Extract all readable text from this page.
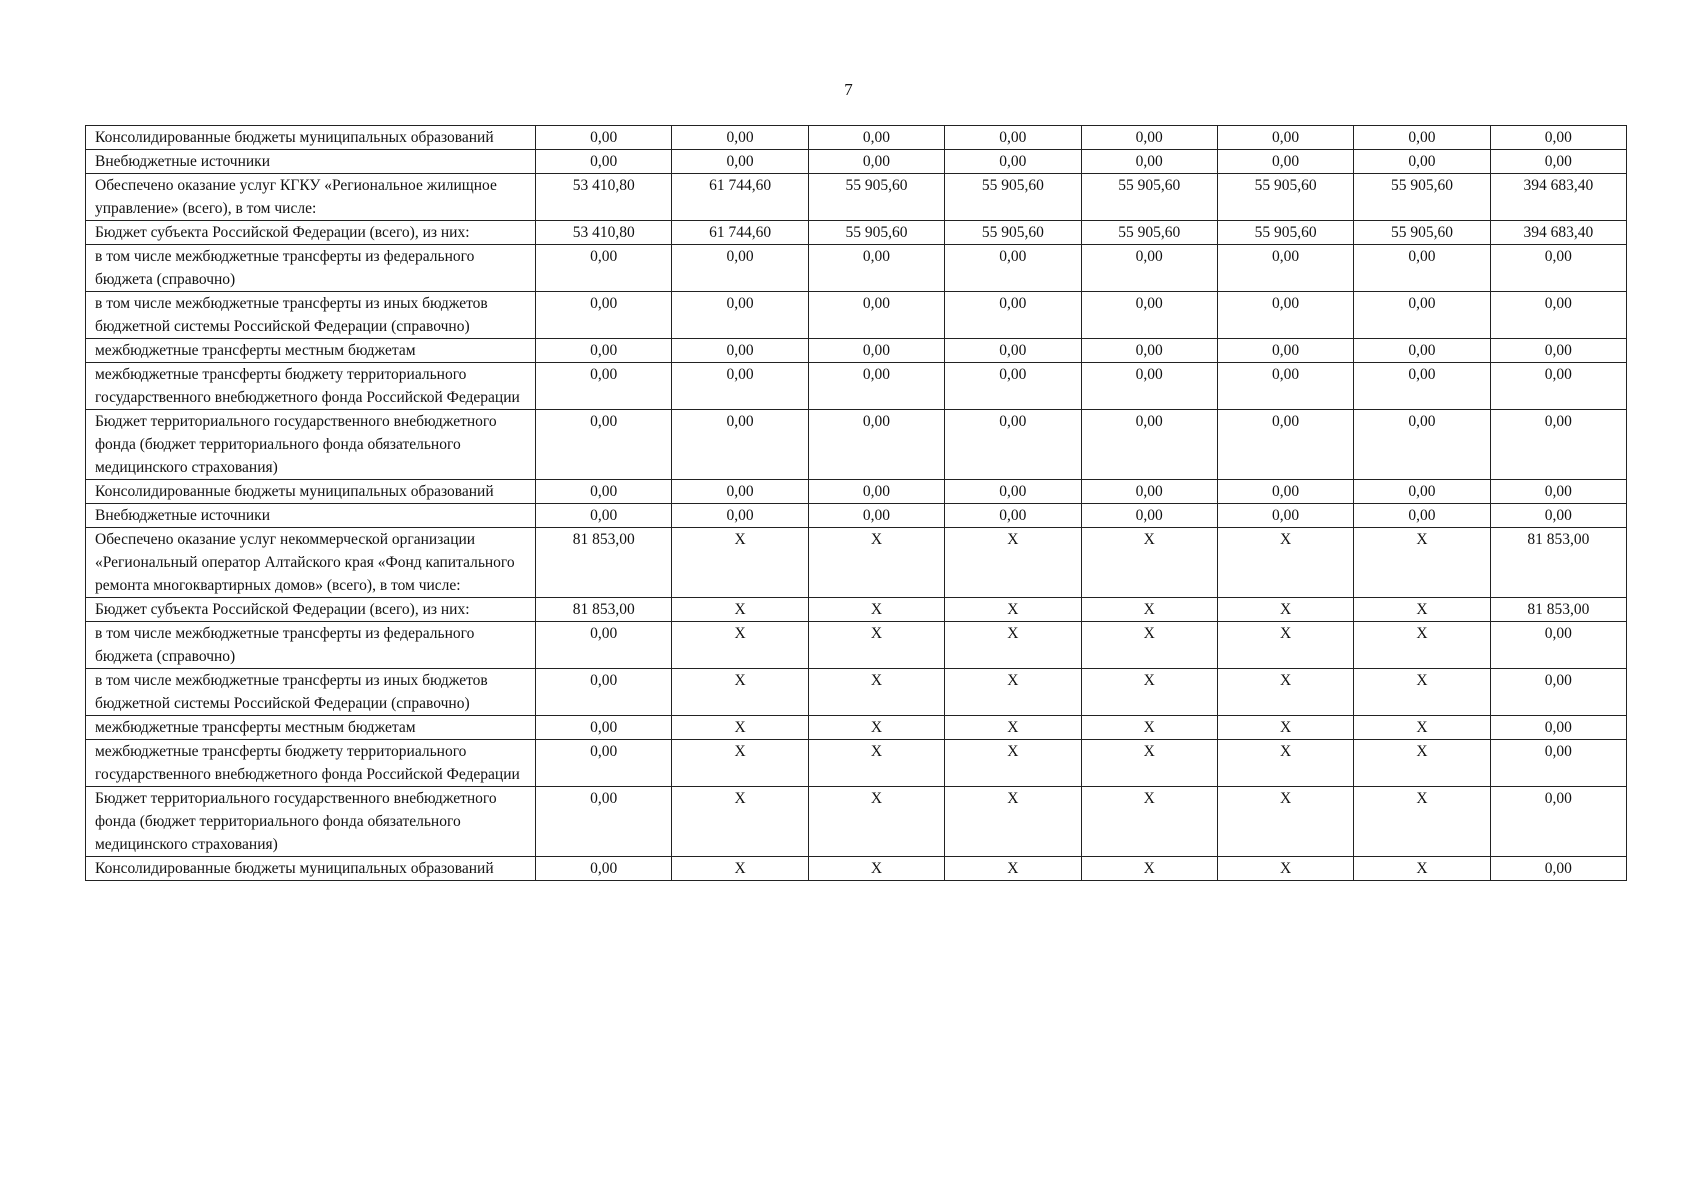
7
Консолидированные бюджеты муниципальных образований	0,00	0,00	0,00	0,00	0,00	0,00	0,00	0,00
Внебюджетные источники	0,00	0,00	0,00	0,00	0,00	0,00	0,00	0,00
Обеспечено оказание услуг КГКУ «Региональное жилищное управление» (всего), в том числе:	53 410,80	61 744,60	55 905,60	55 905,60	55 905,60	55 905,60	55 905,60	394 683,40
Бюджет субъекта Российской Федерации (всего), из них:	53 410,80	61 744,60	55 905,60	55 905,60	55 905,60	55 905,60	55 905,60	394 683,40
в том числе межбюджетные трансферты из федерального бюджета (справочно)	0,00	0,00	0,00	0,00	0,00	0,00	0,00	0,00
в том числе межбюджетные трансферты из иных бюджетов бюджетной системы Российской Федерации (справочно)	0,00	0,00	0,00	0,00	0,00	0,00	0,00	0,00
межбюджетные трансферты местным бюджетам	0,00	0,00	0,00	0,00	0,00	0,00	0,00	0,00
межбюджетные трансферты бюджету территориального государственного внебюджетного фонда Российской Федерации	0,00	0,00	0,00	0,00	0,00	0,00	0,00	0,00
Бюджет территориального государственного внебюджетного фонда (бюджет территориального фонда обязательного медицинского страхования)	0,00	0,00	0,00	0,00	0,00	0,00	0,00	0,00
Консолидированные бюджеты муниципальных образований	0,00	0,00	0,00	0,00	0,00	0,00	0,00	0,00
Внебюджетные источники	0,00	0,00	0,00	0,00	0,00	0,00	0,00	0,00
Обеспечено оказание услуг некоммерческой организации «Региональный оператор Алтайского края «Фонд капитального ремонта многоквартирных домов» (всего), в том числе:	81 853,00	X	X	X	X	X	X	81 853,00
Бюджет субъекта Российской Федерации (всего), из них:	81 853,00	X	X	X	X	X	X	81 853,00
в том числе межбюджетные трансферты из федерального бюджета (справочно)	0,00	X	X	X	X	X	X	0,00
в том числе межбюджетные трансферты из иных бюджетов бюджетной системы Российской Федерации (справочно)	0,00	X	X	X	X	X	X	0,00
межбюджетные трансферты местным бюджетам	0,00	X	X	X	X	X	X	0,00
межбюджетные трансферты бюджету территориального государственного внебюджетного фонда Российской Федерации	0,00	X	X	X	X	X	X	0,00
Бюджет территориального государственного внебюджетного фонда (бюджет территориального фонда обязательного медицинского страхования)	0,00	X	X	X	X	X	X	0,00
Консолидированные бюджеты муниципальных образований	0,00	X	X	X	X	X	X	0,00
